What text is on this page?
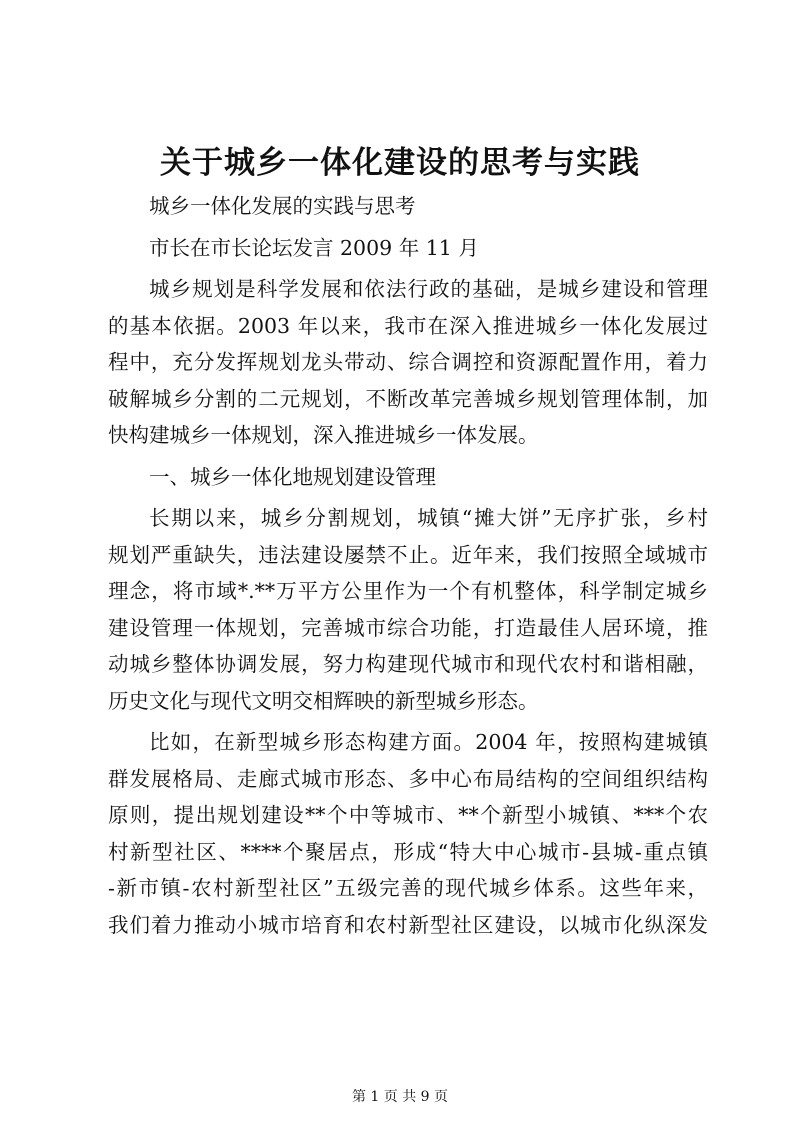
关于城乡一体化建设的思考与实践
城乡一体化发展的实践与思考
市长在市长论坛发言 2009 年 11 月
城乡规划是科学发展和依法行政的基础，是城乡建设和管理
的基本依据。2003 年以来，我市在深入推进城乡一体化发展过
程中，充分发挥规划龙头带动、综合调控和资源配置作用，着力
破解城乡分割的二元规划，不断改革完善城乡规划管理体制，加
快构建城乡一体规划，深入推进城乡一体发展。
一、城乡一体化地规划建设管理
长期以来，城乡分割规划，城镇“摊大饼”无序扩张，乡村
规划严重缺失，违法建设屡禁不止。近年来，我们按照全域城市
理念，将市域*.**万平方公里作为一个有机整体，科学制定城乡
建设管理一体规划，完善城市综合功能，打造最佳人居环境，推
动城乡整体协调发展，努力构建现代城市和现代农村和谐相融，
历史文化与现代文明交相辉映的新型城乡形态。
比如，在新型城乡形态构建方面。2004 年，按照构建城镇
群发展格局、走廊式城市形态、多中心布局结构的空间组织结构
原则，提出规划建设**个中等城市、**个新型小城镇、***个农
村新型社区、****个聚居点，形成“特大中心城市-县城-重点镇
-新市镇-农村新型社区”五级完善的现代城乡体系。这些年来，
我们着力推动小城市培育和农村新型社区建设，以城市化纵深发
第 1 页 共 9 页
